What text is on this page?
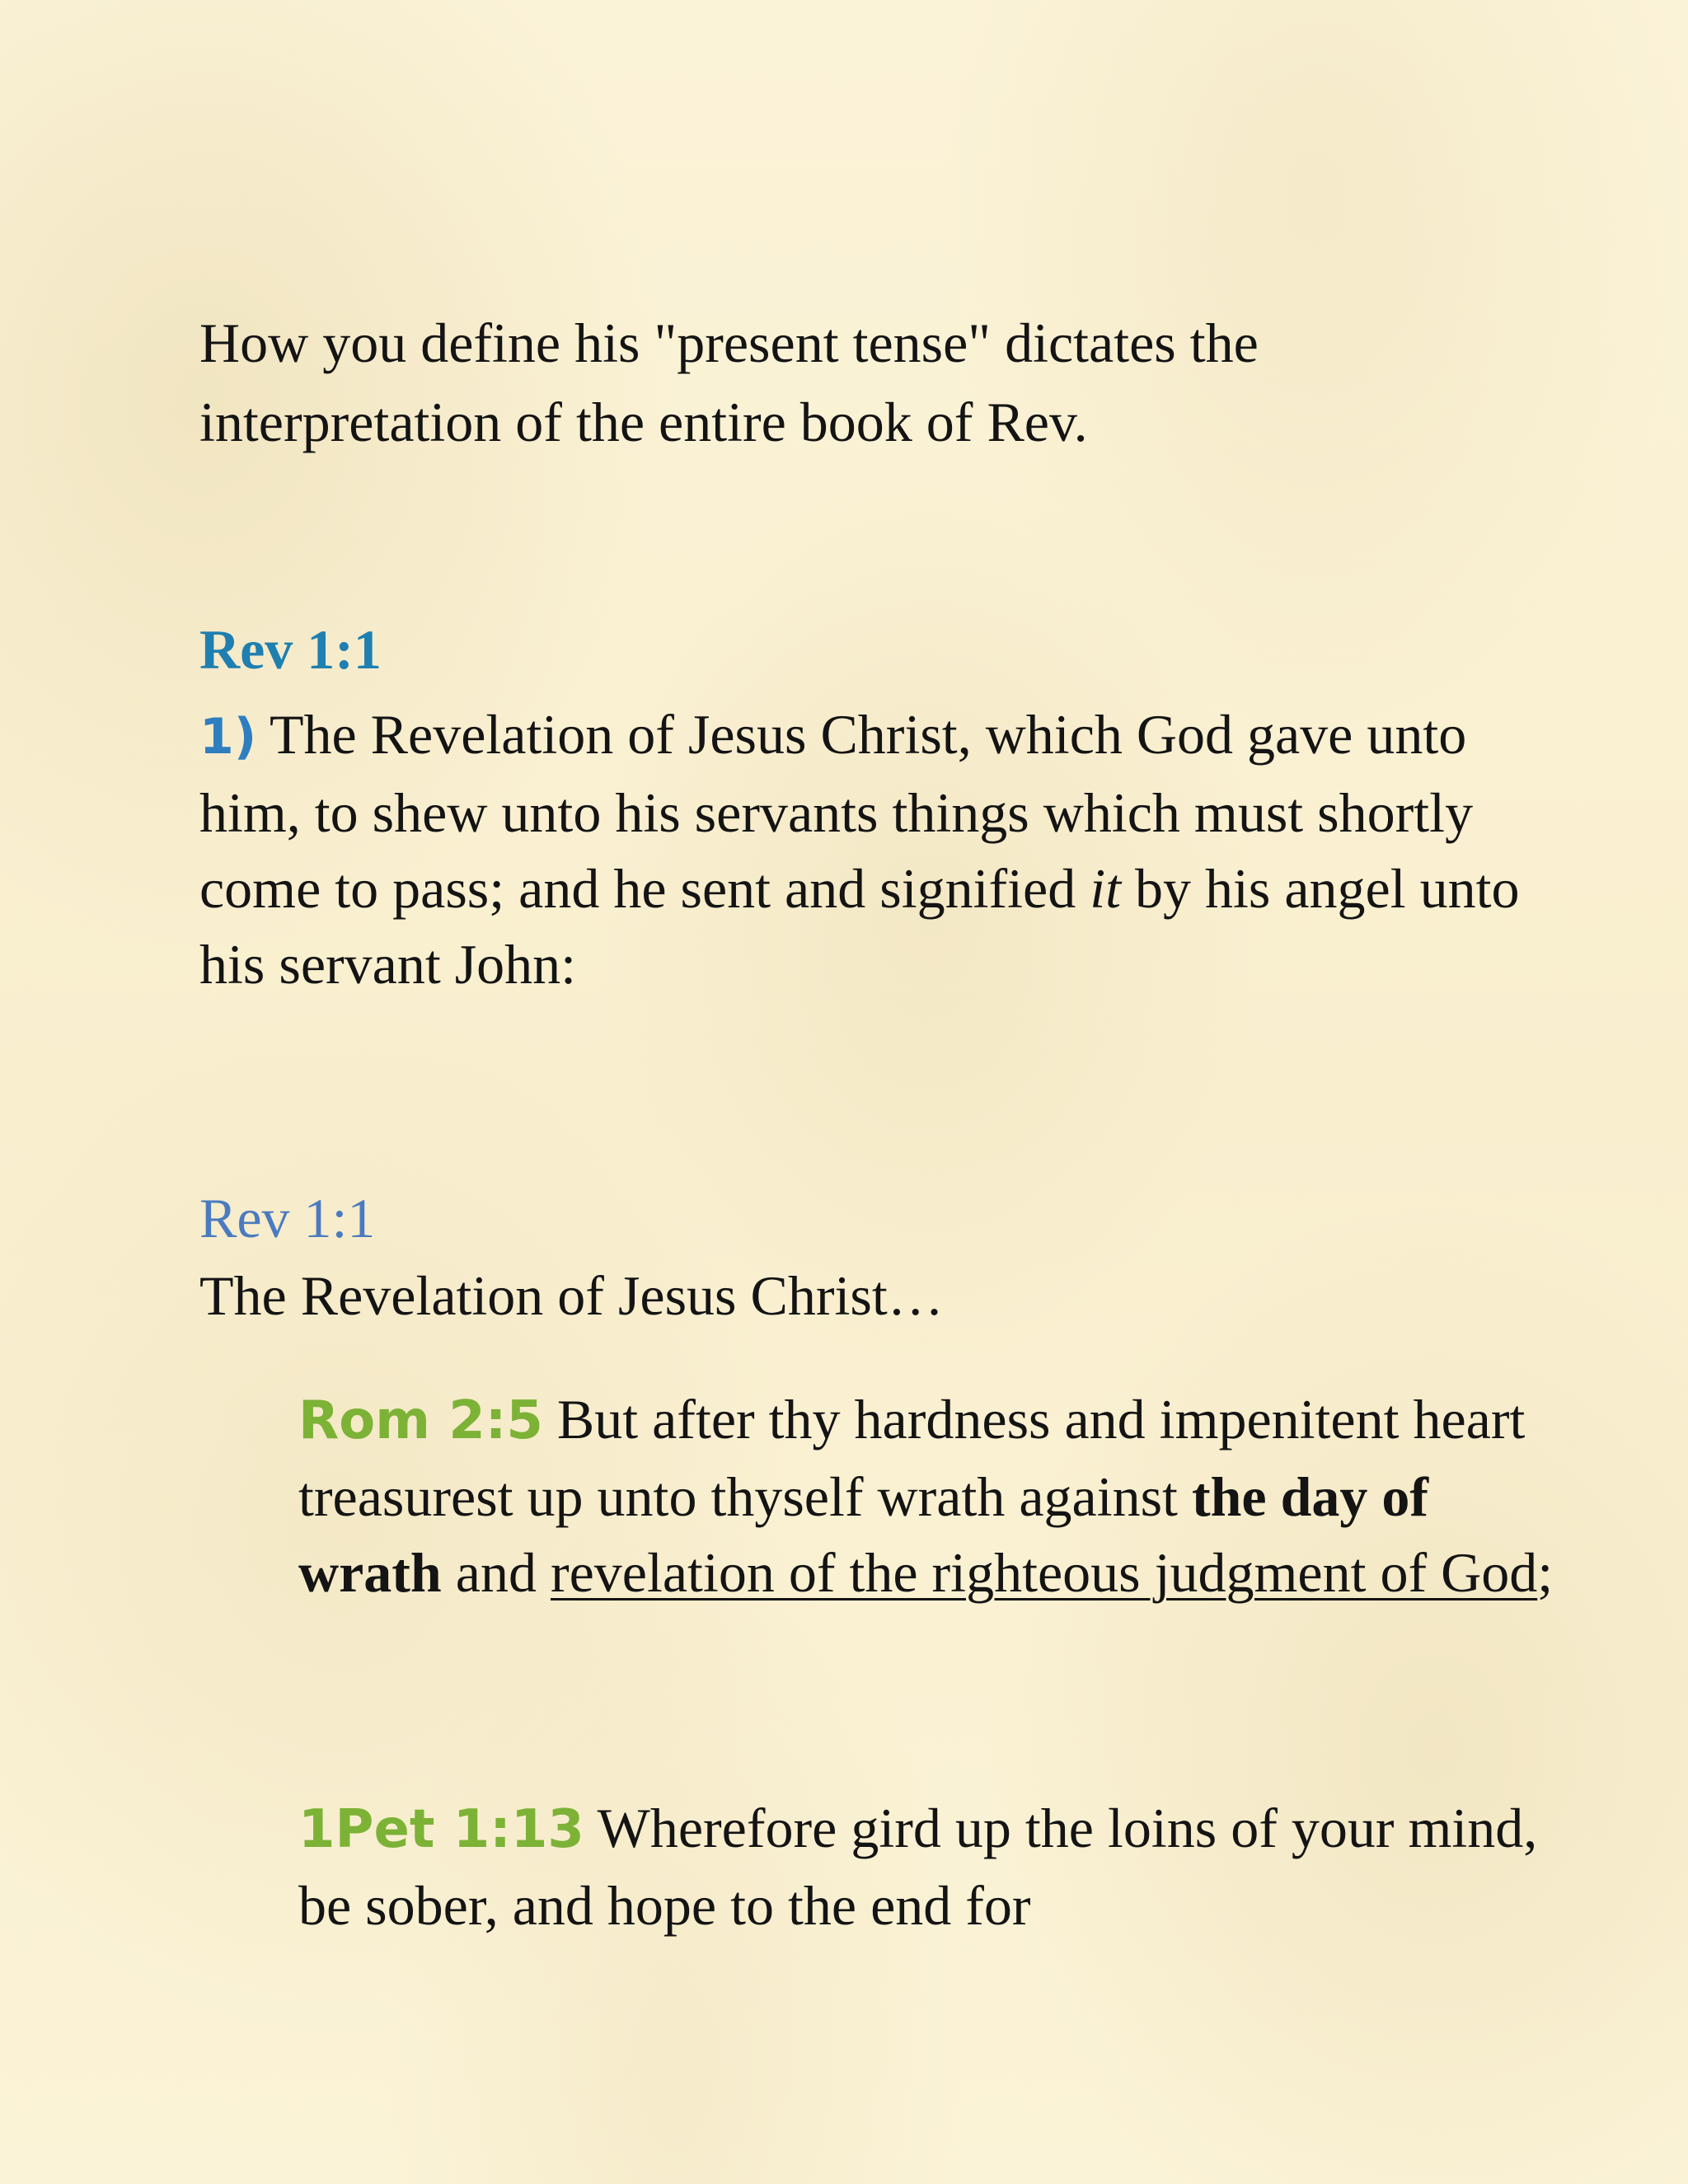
How you define his "present tense" dictates the interpretation of the entire book of Rev.
Rev 1:1
1) The Revelation of Jesus Christ, which God gave unto him, to shew unto his servants things which must shortly come to pass; and he sent and signified it by his angel unto his servant John:
Rev 1:1
The Revelation of Jesus Christ…
Rom 2:5 But after thy hardness and impenitent heart treasurest up unto thyself wrath against the day of wrath and revelation of the righteous judgment of God;
1Pet 1:13 Wherefore gird up the loins of your mind, be sober, and hope to the end for
